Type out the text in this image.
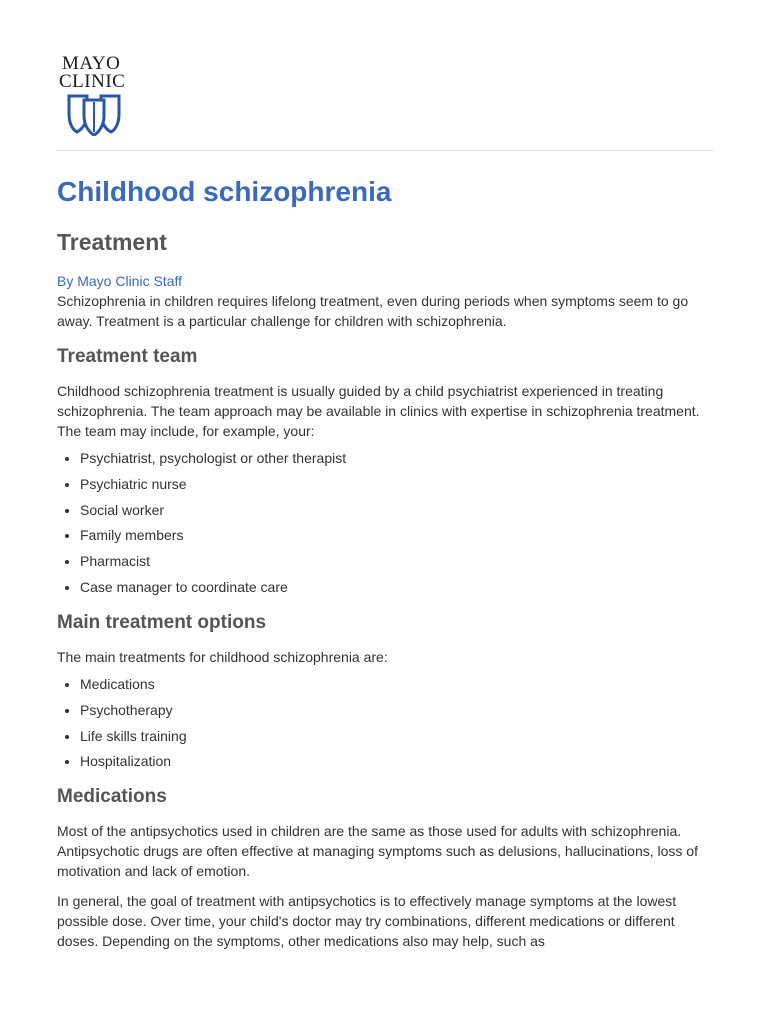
MAYO
CLINIC
Childhood schizophrenia
Treatment
By Mayo Clinic Staff

Schizophrenia in children requires lifelong treatment, even during periods when symptoms seem to go away. Treatment is a particular challenge for children with schizophrenia.

Treatment team

Childhood schizophrenia treatment is usually guided by a child psychiatrist experienced in treating schizophrenia. The team approach may be available in clinics with expertise in schizophrenia treatment. The team may include, for example, your:

• Psychiatrist, psychologist or other therapist
• Psychiatric nurse
• Social worker
• Family members
• Pharmacist
• Case manager to coordinate care
Main treatment options

The main treatments for childhood schizophrenia are:

• Medications
• Psychotherapy
• Life skills training
• Hospitalization
Medications

Most of the antipsychotics used in children are the same as those used for adults with schizophrenia. Antipsychotic drugs are often effective at managing symptoms such as delusions, hallucinations, loss of motivation and lack of emotion.

In general, the goal of treatment with antipsychotics is to effectively manage symptoms at the lowest possible dose. Over time, your child's doctor may try combinations, different medications or different doses. Depending on the symptoms, other medications also may help, such as
